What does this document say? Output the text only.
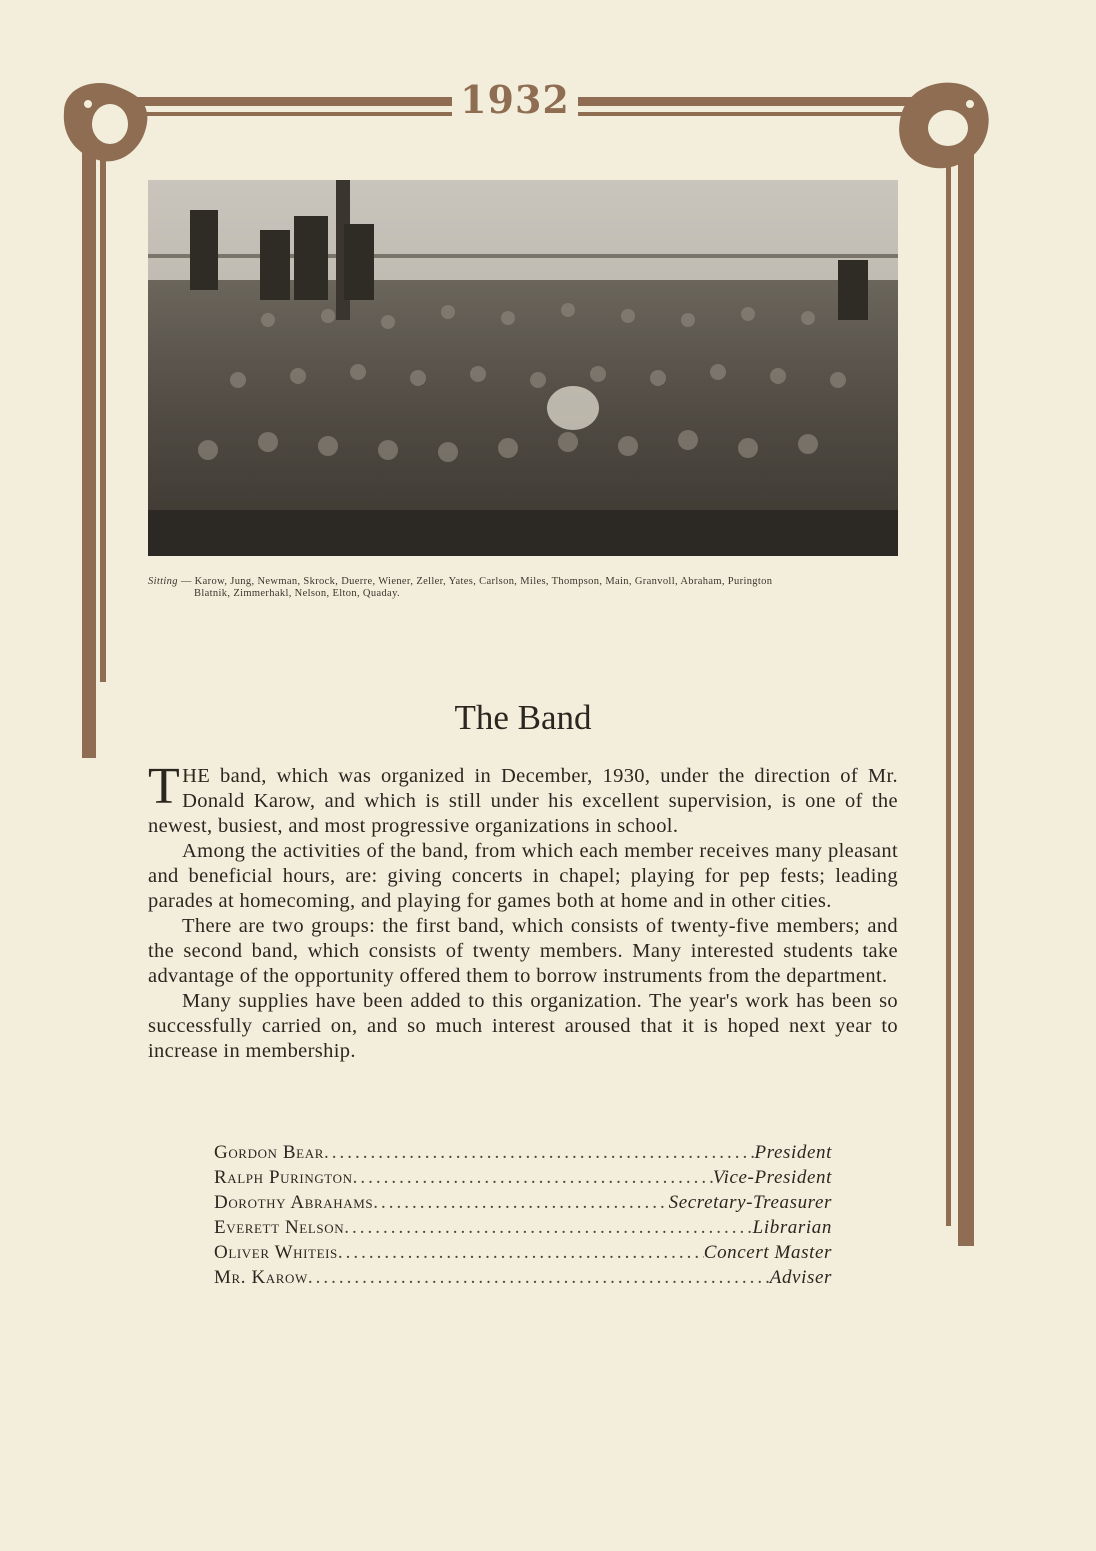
1932
Sitting — Karow, Jung, Newman, Skrock, Duerre, Wiener, Zeller, Yates, Carlson, Miles, Thompson, Main, Granvoll, Abraham, Purington
Blatnik, Zimmerhakl, Nelson, Elton, Quaday.
The Band

THE band, which was organized in December, 1930, under the direction of Mr. Donald Karow, and which is still under his excellent supervision, is one of the newest, busiest, and most progressive organizations in school.

Among the activities of the band, from which each member receives many pleasant and beneficial hours, are: giving concerts in chapel; playing for pep fests; leading parades at homecoming, and playing for games both at home and in other cities.

There are two groups: the first band, which consists of twenty-five members; and the second band, which consists of twenty members. Many interested students take advantage of the opportunity offered them to borrow instruments from the department.

Many supplies have been added to this organization. The year's work has been so successfully carried on, and so much interest aroused that it is hoped next year to increase in membership.

Gordon Bear .....	President
Ralph Purington .....	Vice-President
Dorothy Abrahams .....	Secretary-Treasurer
Everett Nelson .....	Librarian
Oliver Whiteis .....	Concert Master
Mr. Karow .....	Adviser
